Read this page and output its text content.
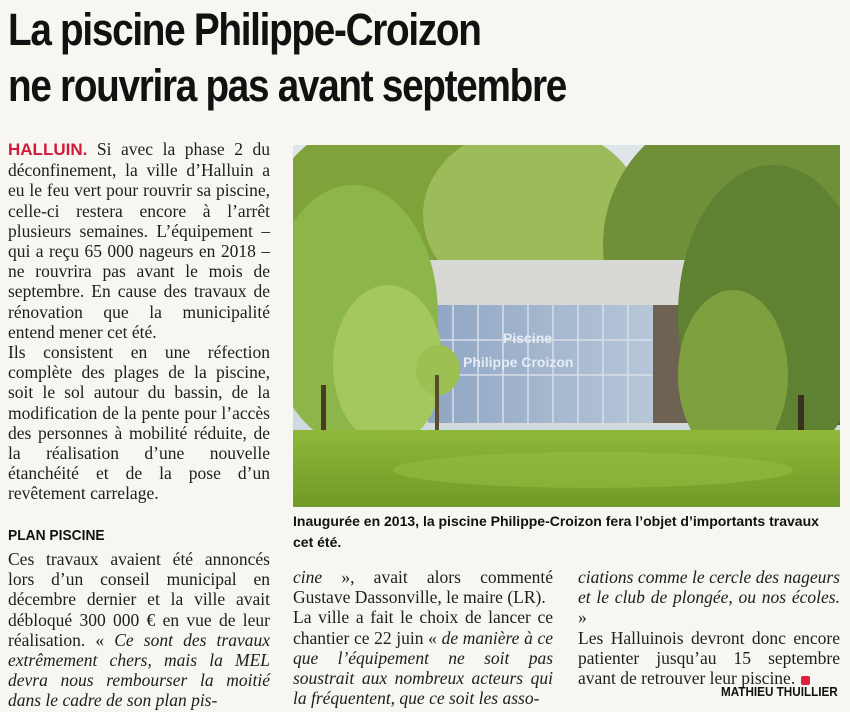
La piscine Philippe-Croizon
ne rouvrira pas avant septembre

HALLUIN. Si avec la phase 2 du déconfinement, la ville d’Halluin a eu le feu vert pour rouvrir sa piscine, celle-ci restera encore à l’arrêt plusieurs semaines. L’équipement – qui a reçu 65 000 nageurs en 2018 – ne rouvrira pas avant le mois de septembre. En cause des travaux de rénovation que la municipalité entend mener cet été.

Ils consistent en une réfection complète des plages de la piscine, soit le sol autour du bassin, de la modification de la pente pour l’accès des personnes à mobilité réduite, de la réalisation d’une nouvelle étanchéité et de la pose d’un revêtement carrelage.

Piscine
Philippe Croizon
Inaugurée en 2013, la piscine Philippe-Croizon fera l’objet d’importants travaux cet été.
PLAN PISCINE

Ces travaux avaient été annoncés lors d’un conseil municipal en décembre dernier et la ville avait débloqué 300 000 € en vue de leur réalisation. « Ce sont des travaux extrêmement chers, mais la MEL devra nous rembourser la moitié dans le cadre de son plan pis-

cine », avait alors commenté Gustave Dassonville, le maire (LR).

La ville a fait le choix de lancer ce chantier ce 22 juin « de manière à ce que l’équipement ne soit pas soustrait aux nombreux acteurs qui la fréquentent, que ce soit les asso-

ciations comme le cercle des nageurs et le club de plongée, ou nos écoles. »

Les Halluinois devront donc encore patienter jusqu’au 15 septembre avant de retrouver leur piscine.

MATHIEU THUILLIER
